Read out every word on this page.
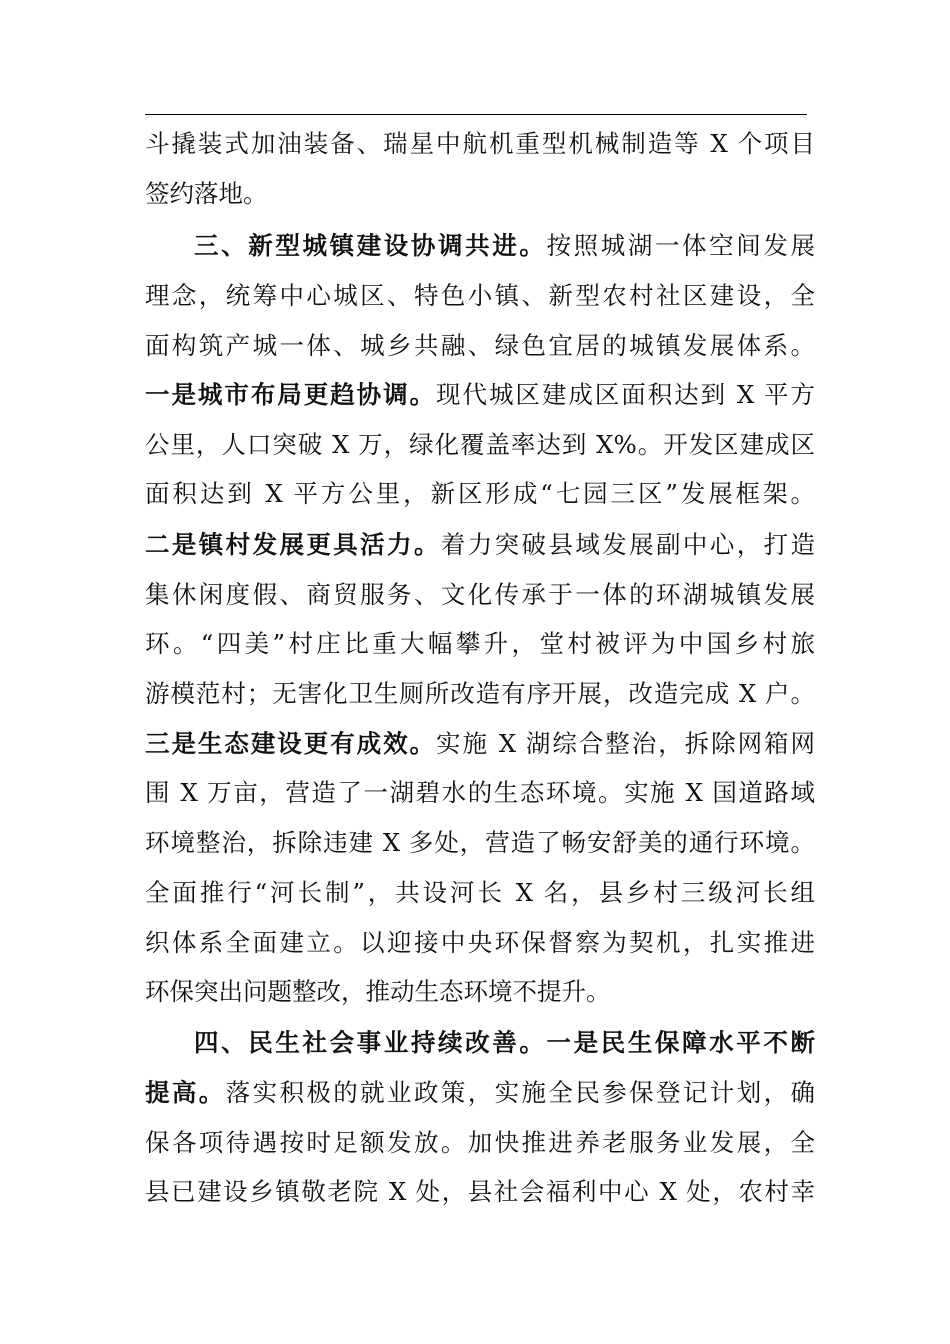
斗撬装式加油装备、瑞星中航机重型机械制造等 X 个项目
签约落地。
三、新型城镇建设协调共进。按照城湖一体空间发展
理念，统筹中心城区、特色小镇、新型农村社区建设，全
面构筑产城一体、城乡共融、绿色宜居的城镇发展体系。
一是城市布局更趋协调。现代城区建成区面积达到 X 平方
公里，人口突破 X 万，绿化覆盖率达到 X%。开发区建成区
面积达到 X 平方公里，新区形成“七园三区”发展框架。
二是镇村发展更具活力。着力突破县域发展副中心，打造
集休闲度假、商贸服务、文化传承于一体的环湖城镇发展
环。“四美”村庄比重大幅攀升，堂村被评为中国乡村旅
游模范村；无害化卫生厕所改造有序开展，改造完成 X 户。
三是生态建设更有成效。实施 X 湖综合整治，拆除网箱网
围 X 万亩，营造了一湖碧水的生态环境。实施 X 国道路域
环境整治，拆除违建 X 多处，营造了畅安舒美的通行环境。
全面推行“河长制”，共设河长 X 名，县乡村三级河长组
织体系全面建立。以迎接中央环保督察为契机，扎实推进
环保突出问题整改，推动生态环境不提升。
四、民生社会事业持续改善。一是民生保障水平不断
提高。落实积极的就业政策，实施全民参保登记计划，确
保各项待遇按时足额发放。加快推进养老服务业发展，全
县已建设乡镇敬老院 X 处，县社会福利中心 X 处，农村幸
